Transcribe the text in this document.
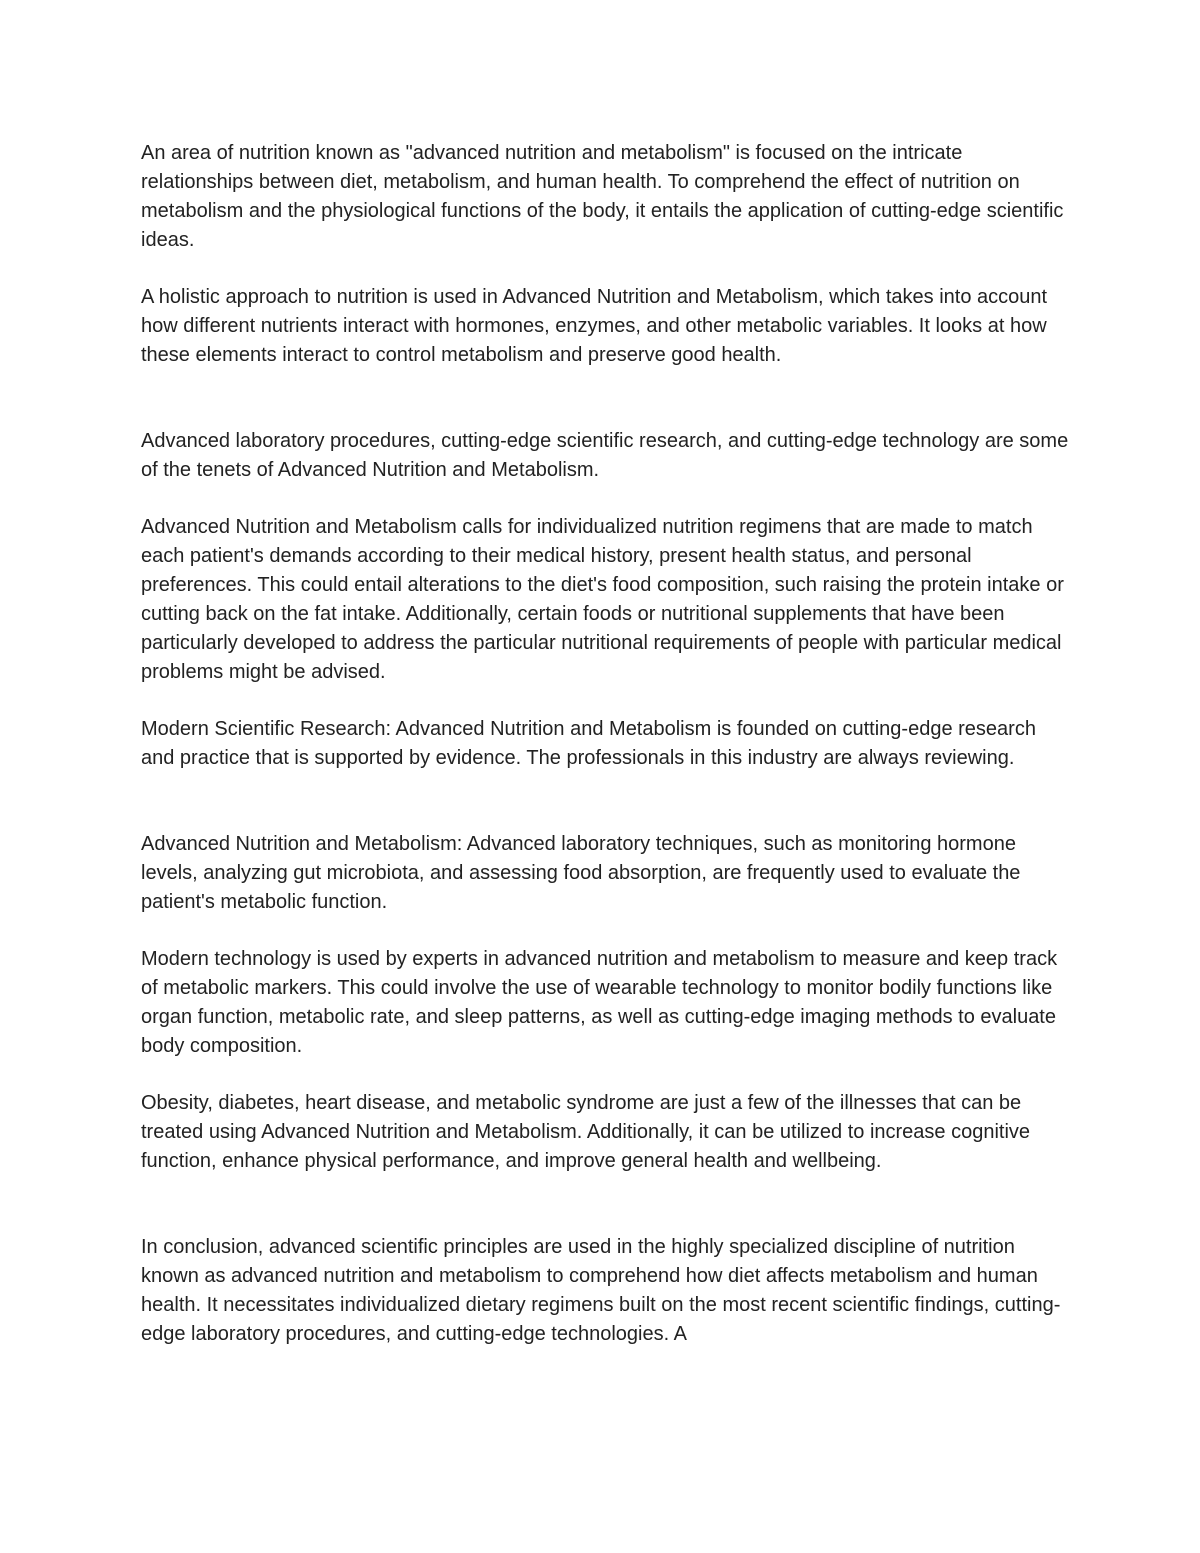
An area of nutrition known as "advanced nutrition and metabolism" is focused on the intricate relationships between diet, metabolism, and human health. To comprehend the effect of nutrition on metabolism and the physiological functions of the body, it entails the application of cutting-edge scientific ideas.

A holistic approach to nutrition is used in Advanced Nutrition and Metabolism, which takes into account how different nutrients interact with hormones, enzymes, and other metabolic variables. It looks at how these elements interact to control metabolism and preserve good health.

Advanced laboratory procedures, cutting-edge scientific research, and cutting-edge technology are some of the tenets of Advanced Nutrition and Metabolism.

Advanced Nutrition and Metabolism calls for individualized nutrition regimens that are made to match each patient's demands according to their medical history, present health status, and personal preferences. This could entail alterations to the diet's food composition, such raising the protein intake or cutting back on the fat intake. Additionally, certain foods or nutritional supplements that have been particularly developed to address the particular nutritional requirements of people with particular medical problems might be advised.

Modern Scientific Research: Advanced Nutrition and Metabolism is founded on cutting-edge research and practice that is supported by evidence. The professionals in this industry are always reviewing.

Advanced Nutrition and Metabolism: Advanced laboratory techniques, such as monitoring hormone levels, analyzing gut microbiota, and assessing food absorption, are frequently used to evaluate the patient's metabolic function.

Modern technology is used by experts in advanced nutrition and metabolism to measure and keep track of metabolic markers. This could involve the use of wearable technology to monitor bodily functions like organ function, metabolic rate, and sleep patterns, as well as cutting-edge imaging methods to evaluate body composition.

Obesity, diabetes, heart disease, and metabolic syndrome are just a few of the illnesses that can be treated using Advanced Nutrition and Metabolism. Additionally, it can be utilized to increase cognitive function, enhance physical performance, and improve general health and wellbeing.

In conclusion, advanced scientific principles are used in the highly specialized discipline of nutrition known as advanced nutrition and metabolism to comprehend how diet affects metabolism and human health. It necessitates individualized dietary regimens built on the most recent scientific findings, cutting-edge laboratory procedures, and cutting-edge technologies. A
